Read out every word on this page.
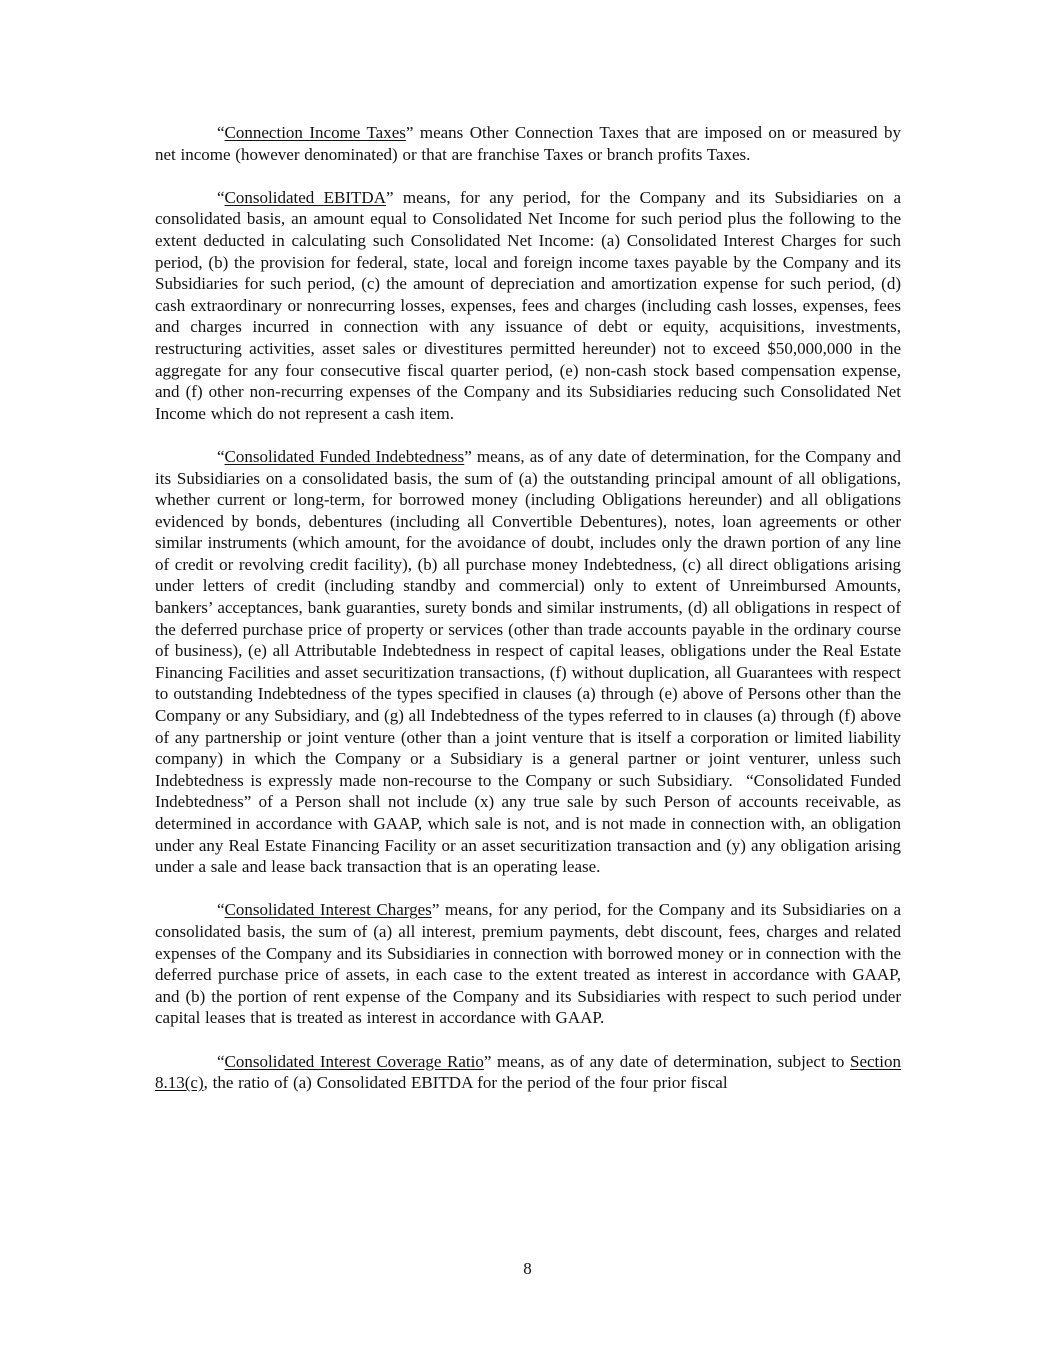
“Connection Income Taxes” means Other Connection Taxes that are imposed on or measured by net income (however denominated) or that are franchise Taxes or branch profits Taxes.

“Consolidated EBITDA” means, for any period, for the Company and its Subsidiaries on a consolidated basis, an amount equal to Consolidated Net Income for such period plus the following to the extent deducted in calculating such Consolidated Net Income: (a) Consolidated Interest Charges for such period, (b) the provision for federal, state, local and foreign income taxes payable by the Company and its Subsidiaries for such period, (c) the amount of depreciation and amortization expense for such period, (d) cash extraordinary or nonrecurring losses, expenses, fees and charges (including cash losses, expenses, fees and charges incurred in connection with any issuance of debt or equity, acquisitions, investments, restructuring activities, asset sales or divestitures permitted hereunder) not to exceed $50,000,000 in the aggregate for any four consecutive fiscal quarter period, (e) non-cash stock based compensation expense, and (f) other non-recurring expenses of the Company and its Subsidiaries reducing such Consolidated Net Income which do not represent a cash item.

“Consolidated Funded Indebtedness” means, as of any date of determination, for the Company and its Subsidiaries on a consolidated basis, the sum of (a) the outstanding principal amount of all obligations, whether current or long-term, for borrowed money (including Obligations hereunder) and all obligations evidenced by bonds, debentures (including all Convertible Debentures), notes, loan agreements or other similar instruments (which amount, for the avoidance of doubt, includes only the drawn portion of any line of credit or revolving credit facility), (b) all purchase money Indebtedness, (c) all direct obligations arising under letters of credit (including standby and commercial) only to extent of Unreimbursed Amounts, bankers’ acceptances, bank guaranties, surety bonds and similar instruments, (d) all obligations in respect of the deferred purchase price of property or services (other than trade accounts payable in the ordinary course of business), (e) all Attributable Indebtedness in respect of capital leases, obligations under the Real Estate Financing Facilities and asset securitization transactions, (f) without duplication, all Guarantees with respect to outstanding Indebtedness of the types specified in clauses (a) through (e) above of Persons other than the Company or any Subsidiary, and (g) all Indebtedness of the types referred to in clauses (a) through (f) above of any partnership or joint venture (other than a joint venture that is itself a corporation or limited liability company) in which the Company or a Subsidiary is a general partner or joint venturer, unless such Indebtedness is expressly made non-recourse to the Company or such Subsidiary.  “Consolidated Funded Indebtedness” of a Person shall not include (x) any true sale by such Person of accounts receivable, as determined in accordance with GAAP, which sale is not, and is not made in connection with, an obligation under any Real Estate Financing Facility or an asset securitization transaction and (y) any obligation arising under a sale and lease back transaction that is an operating lease.

“Consolidated Interest Charges” means, for any period, for the Company and its Subsidiaries on a consolidated basis, the sum of (a) all interest, premium payments, debt discount, fees, charges and related expenses of the Company and its Subsidiaries in connection with borrowed money or in connection with the deferred purchase price of assets, in each case to the extent treated as interest in accordance with GAAP, and (b) the portion of rent expense of the Company and its Subsidiaries with respect to such period under capital leases that is treated as interest in accordance with GAAP.

“Consolidated Interest Coverage Ratio” means, as of any date of determination, subject to Section 8.13(c), the ratio of (a) Consolidated EBITDA for the period of the four prior fiscal

8
